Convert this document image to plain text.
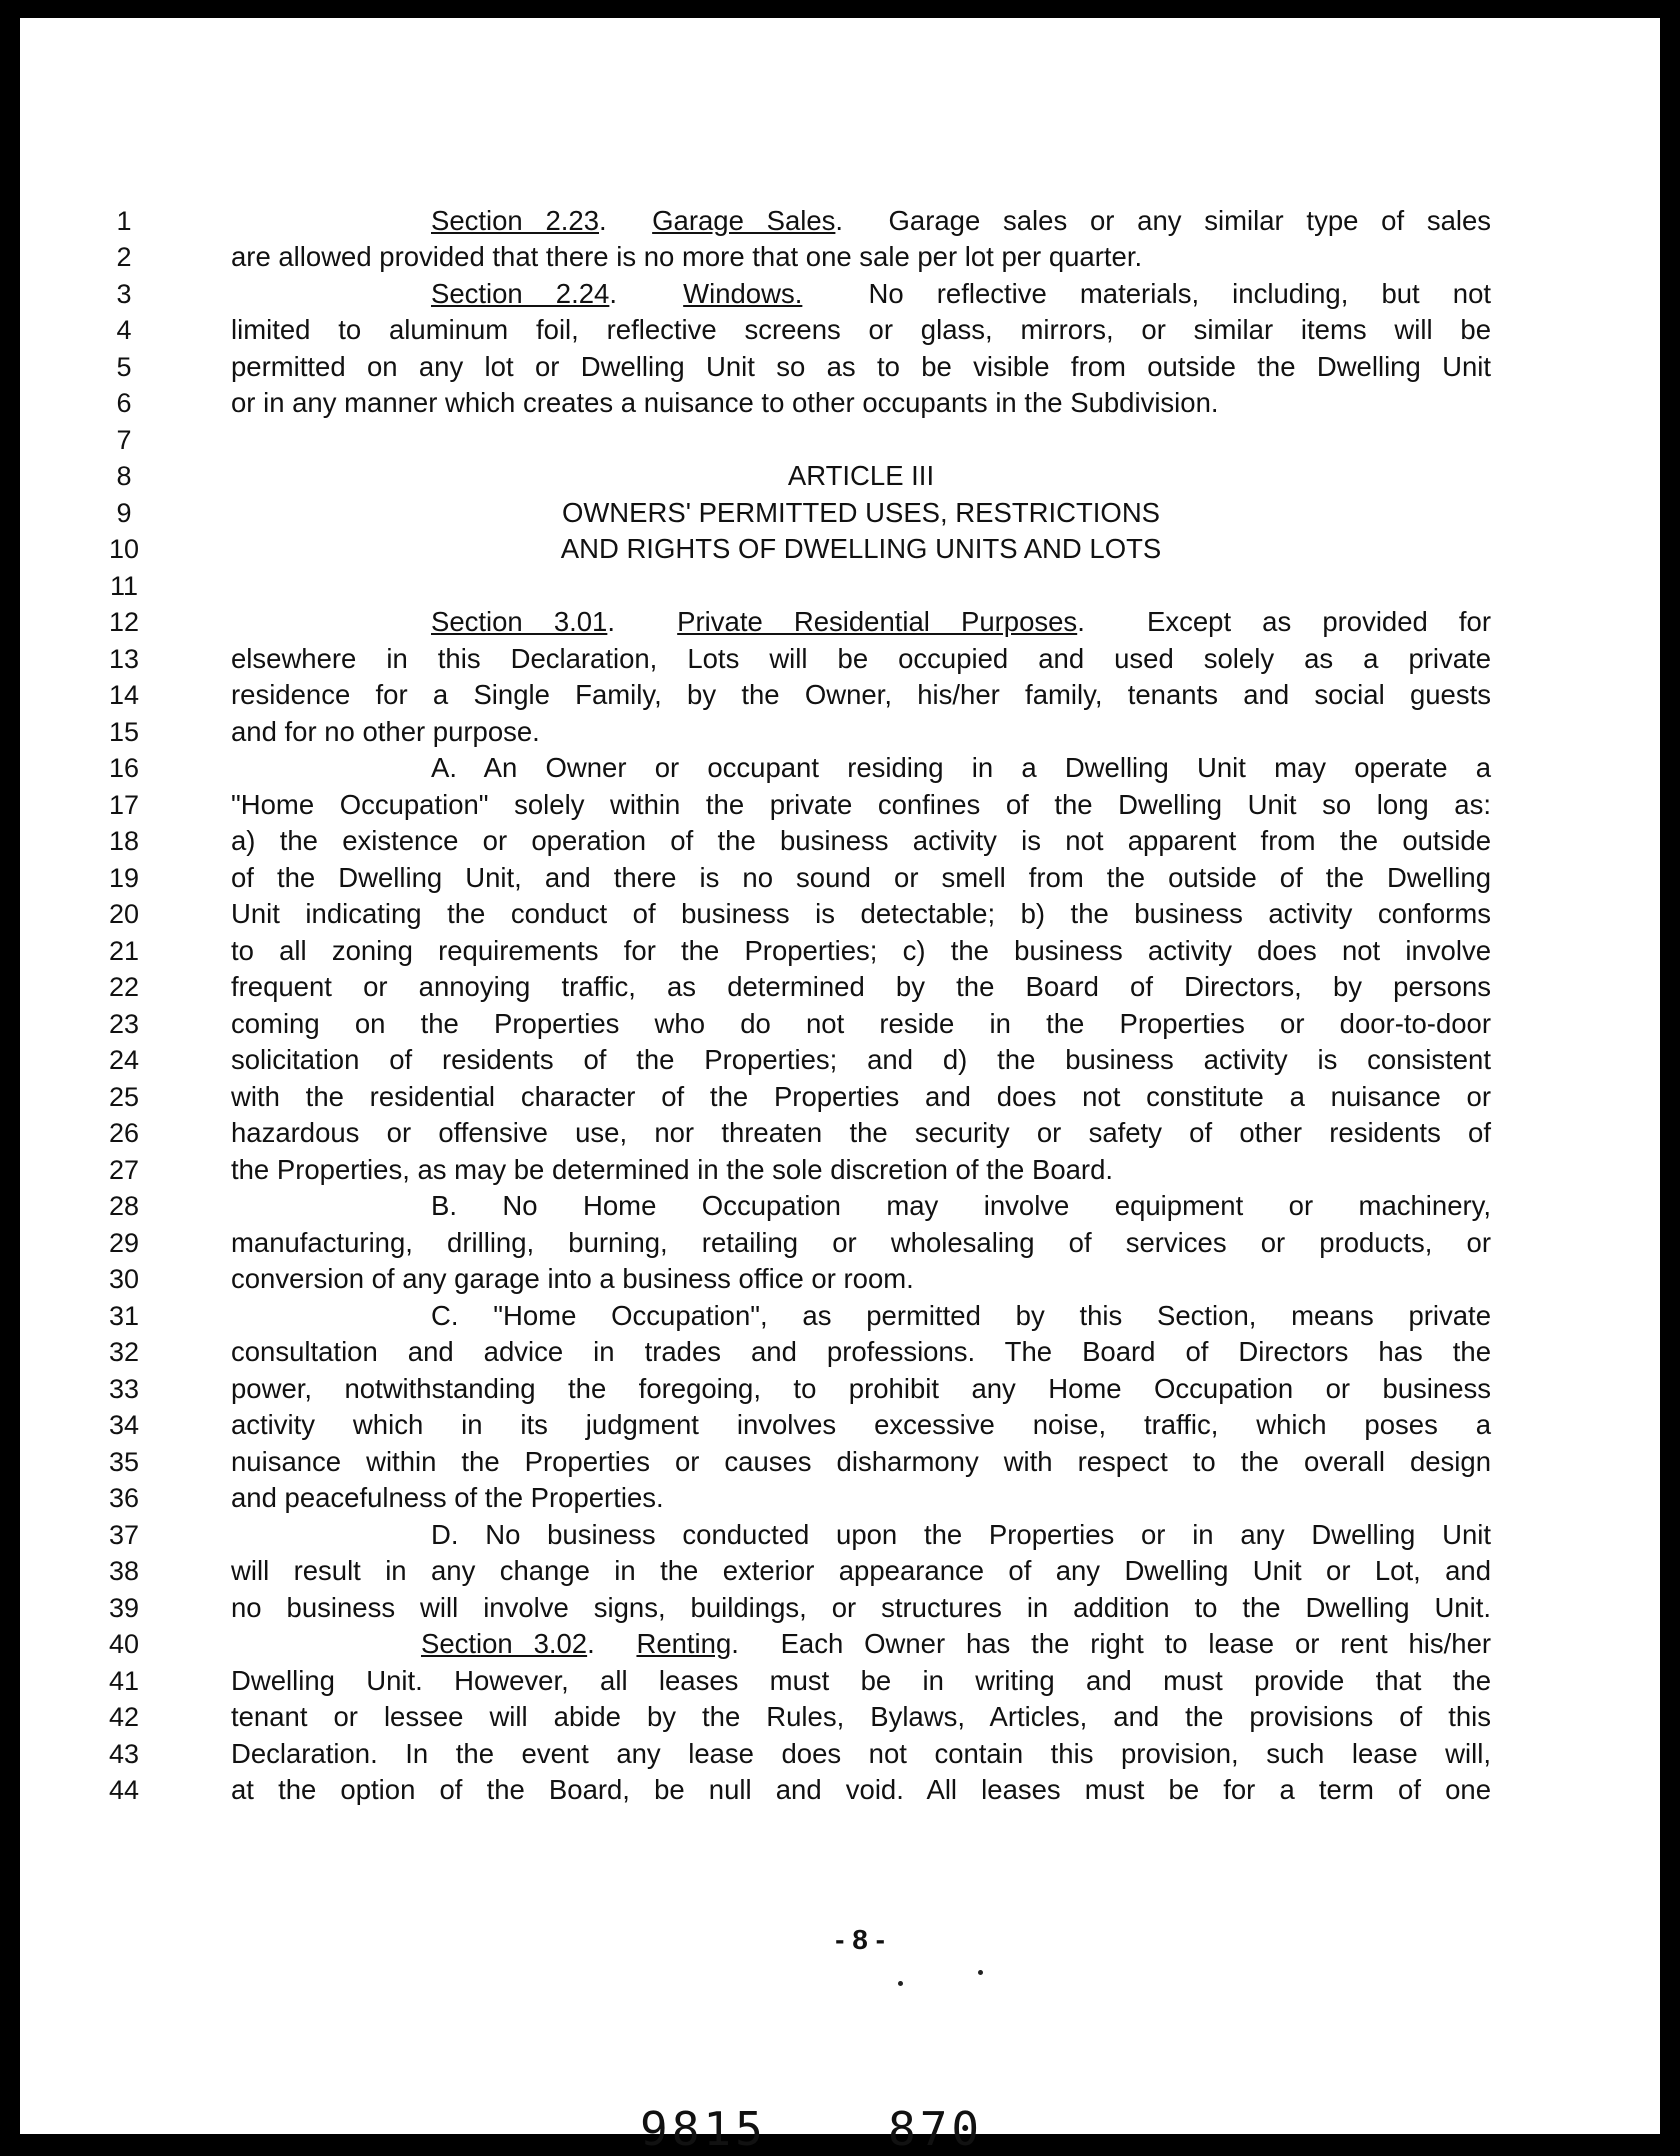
1
2
3
4
5
6
7
8
9
10
11
12
13
14
15
16
17
18
19
20
21
22
23
24
25
26
27
28
29
30
31
32
33
34
35
36
37
38
39
40
41
42
43
44
Section 2.23.  Garage Sales.  Garage sales or any similar type of sales
are allowed provided that there is no more that one sale per lot per quarter.
Section 2.24.  Windows. No reflective materials, including, but not
limited to aluminum foil, reflective screens or glass, mirrors, or similar items will be
permitted on any lot or Dwelling Unit so as to be visible from outside the Dwelling Unit
or in any manner which creates a nuisance to other occupants in the Subdivision.
ARTICLE III
OWNERS' PERMITTED USES, RESTRICTIONS
AND RIGHTS OF DWELLING UNITS AND LOTS
Section 3.01.  Private Residential Purposes.  Except as provided for
elsewhere in this Declaration, Lots will be occupied and used solely as a private
residence for a Single Family, by the Owner, his/her family, tenants and social guests
and for no other purpose.
A. An Owner or occupant residing in a Dwelling Unit may operate a
"Home Occupation" solely within the private confines of the Dwelling Unit so long as:
a) the existence or operation of the business activity is not apparent from the outside
of the Dwelling Unit, and there is no sound or smell from the outside of the Dwelling
Unit indicating the conduct of business is detectable; b) the business activity conforms
to all zoning requirements for the Properties; c) the business activity does not involve
frequent or annoying traffic, as determined by the Board of Directors, by persons
coming on the Properties who do not reside in the Properties or door-to-door
solicitation of residents of the Properties; and d) the business activity is consistent
with the residential character of the Properties and does not constitute a nuisance or
hazardous or offensive use, nor threaten the security or safety of other residents of
the Properties, as may be determined in the sole discretion of the Board.
B. No Home Occupation may involve equipment or machinery,
manufacturing, drilling, burning, retailing or wholesaling of services or products, or
conversion of any garage into a business office or room.
C. "Home Occupation", as permitted by this Section, means private
consultation and advice in trades and professions. The Board of Directors has the
power, notwithstanding the foregoing, to prohibit any Home Occupation or business
activity which in its judgment involves excessive noise, traffic, which poses a
nuisance within the Properties or causes disharmony with respect to the overall design
and peacefulness of the Properties.
D. No business conducted upon the Properties or in any Dwelling Unit
will result in any change in the exterior appearance of any Dwelling Unit or Lot, and
no business will involve signs, buildings, or structures in addition to the Dwelling Unit.
Section 3.02.  Renting.  Each Owner has the right to lease or rent his/her
Dwelling Unit. However, all leases must be in writing and must provide that the
tenant or lessee will abide by the Rules, Bylaws, Articles, and the provisions of this
Declaration. In the event any lease does not contain this provision, such lease will,
at the option of the Board, be null and void. All leases must be for a term of one
- 8 -
9815	870
